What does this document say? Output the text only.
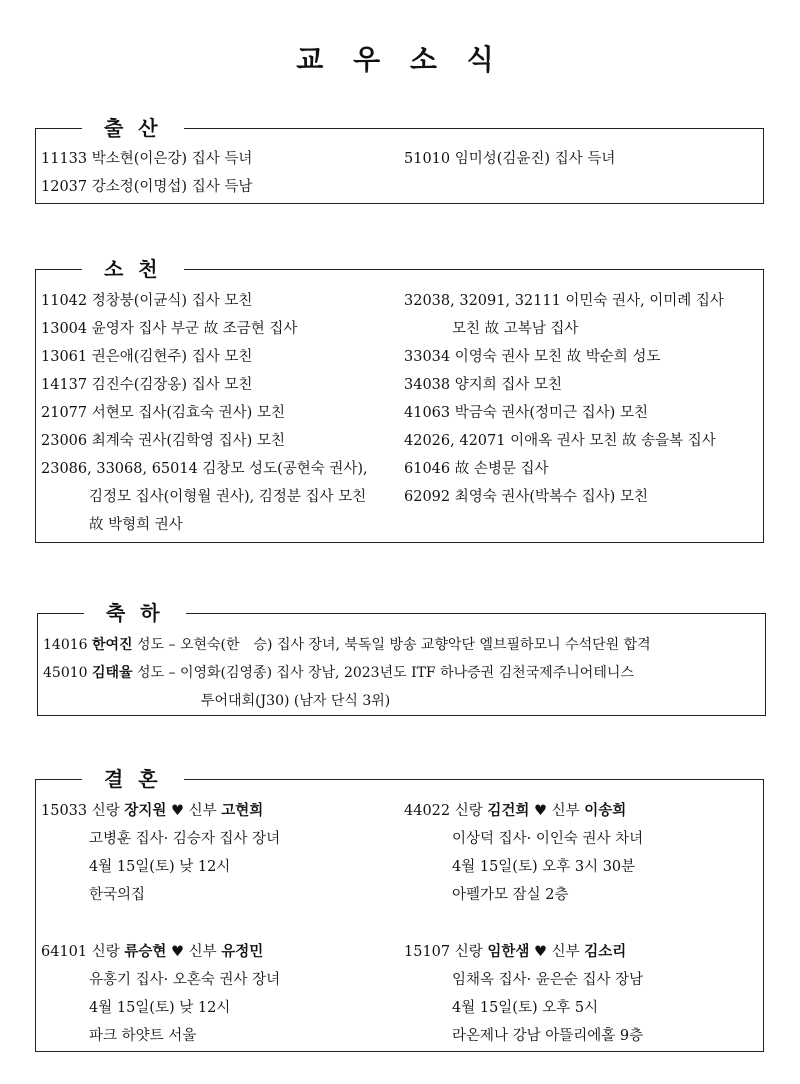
교 우 소 식
출 산
11133 박소현(이은강) 집사 득녀
12037 강소정(이명섭) 집사 득남
51010 임미성(김윤진) 집사 득녀
소 천
11042 정창붕(이균식) 집사 모친
13004 윤영자 집사 부군 故 조금현 집사
13061 권은애(김현주) 집사 모친
14137 김진수(김장옹) 집사 모친
21077 서현모 집사(김효숙 권사) 모친
23006 최계숙 권사(김학영 집사) 모친
23086, 33068, 65014 김창모 성도(공현숙 권사),
김정모 집사(이형월 권사), 김정분 집사 모친
故 박형희 권사
32038, 32091, 32111 이민숙 권사, 이미례 집사
모친 故 고복남 집사
33034 이영숙 권사 모친 故 박순희 성도
34038 양지희 집사 모친
41063 박금숙 권사(정미근 집사) 모친
42026, 42071 이애옥 권사 모친 故 송을복 집사
61046 故 손병문 집사
62092 최영숙 권사(박복수 집사) 모친
축 하
14016 한여진 성도 – 오현숙(한　승) 집사 장녀, 북독일 방송 교향악단 엘브필하모니 수석단원 합격
45010 김태율 성도 – 이영화(김영종) 집사 장남, 2023년도 ITF 하나증권 김천국제주니어테니스
투어대회(J30) (남자 단식 3위)
결 혼
15033 신랑 장지원 ♥ 신부 고현희
고병훈 집사· 김승자 집사 장녀
4월 15일(토) 낮 12시
한국의집
44022 신랑 김건희 ♥ 신부 이송희
이상덕 집사· 이인숙 권사 차녀
4월 15일(토) 오후 3시 30분
아펠가모 잠실 2층
64101 신랑 류승현 ♥ 신부 유정민
유홍기 집사· 오혼숙 권사 장녀
4월 15일(토) 낮 12시
파크 하얏트 서울
15107 신랑 임한샘 ♥ 신부 김소리
임채옥 집사· 윤은순 집사 장남
4월 15일(토) 오후 5시
라온제나 강남 아뜰리에홀 9층
